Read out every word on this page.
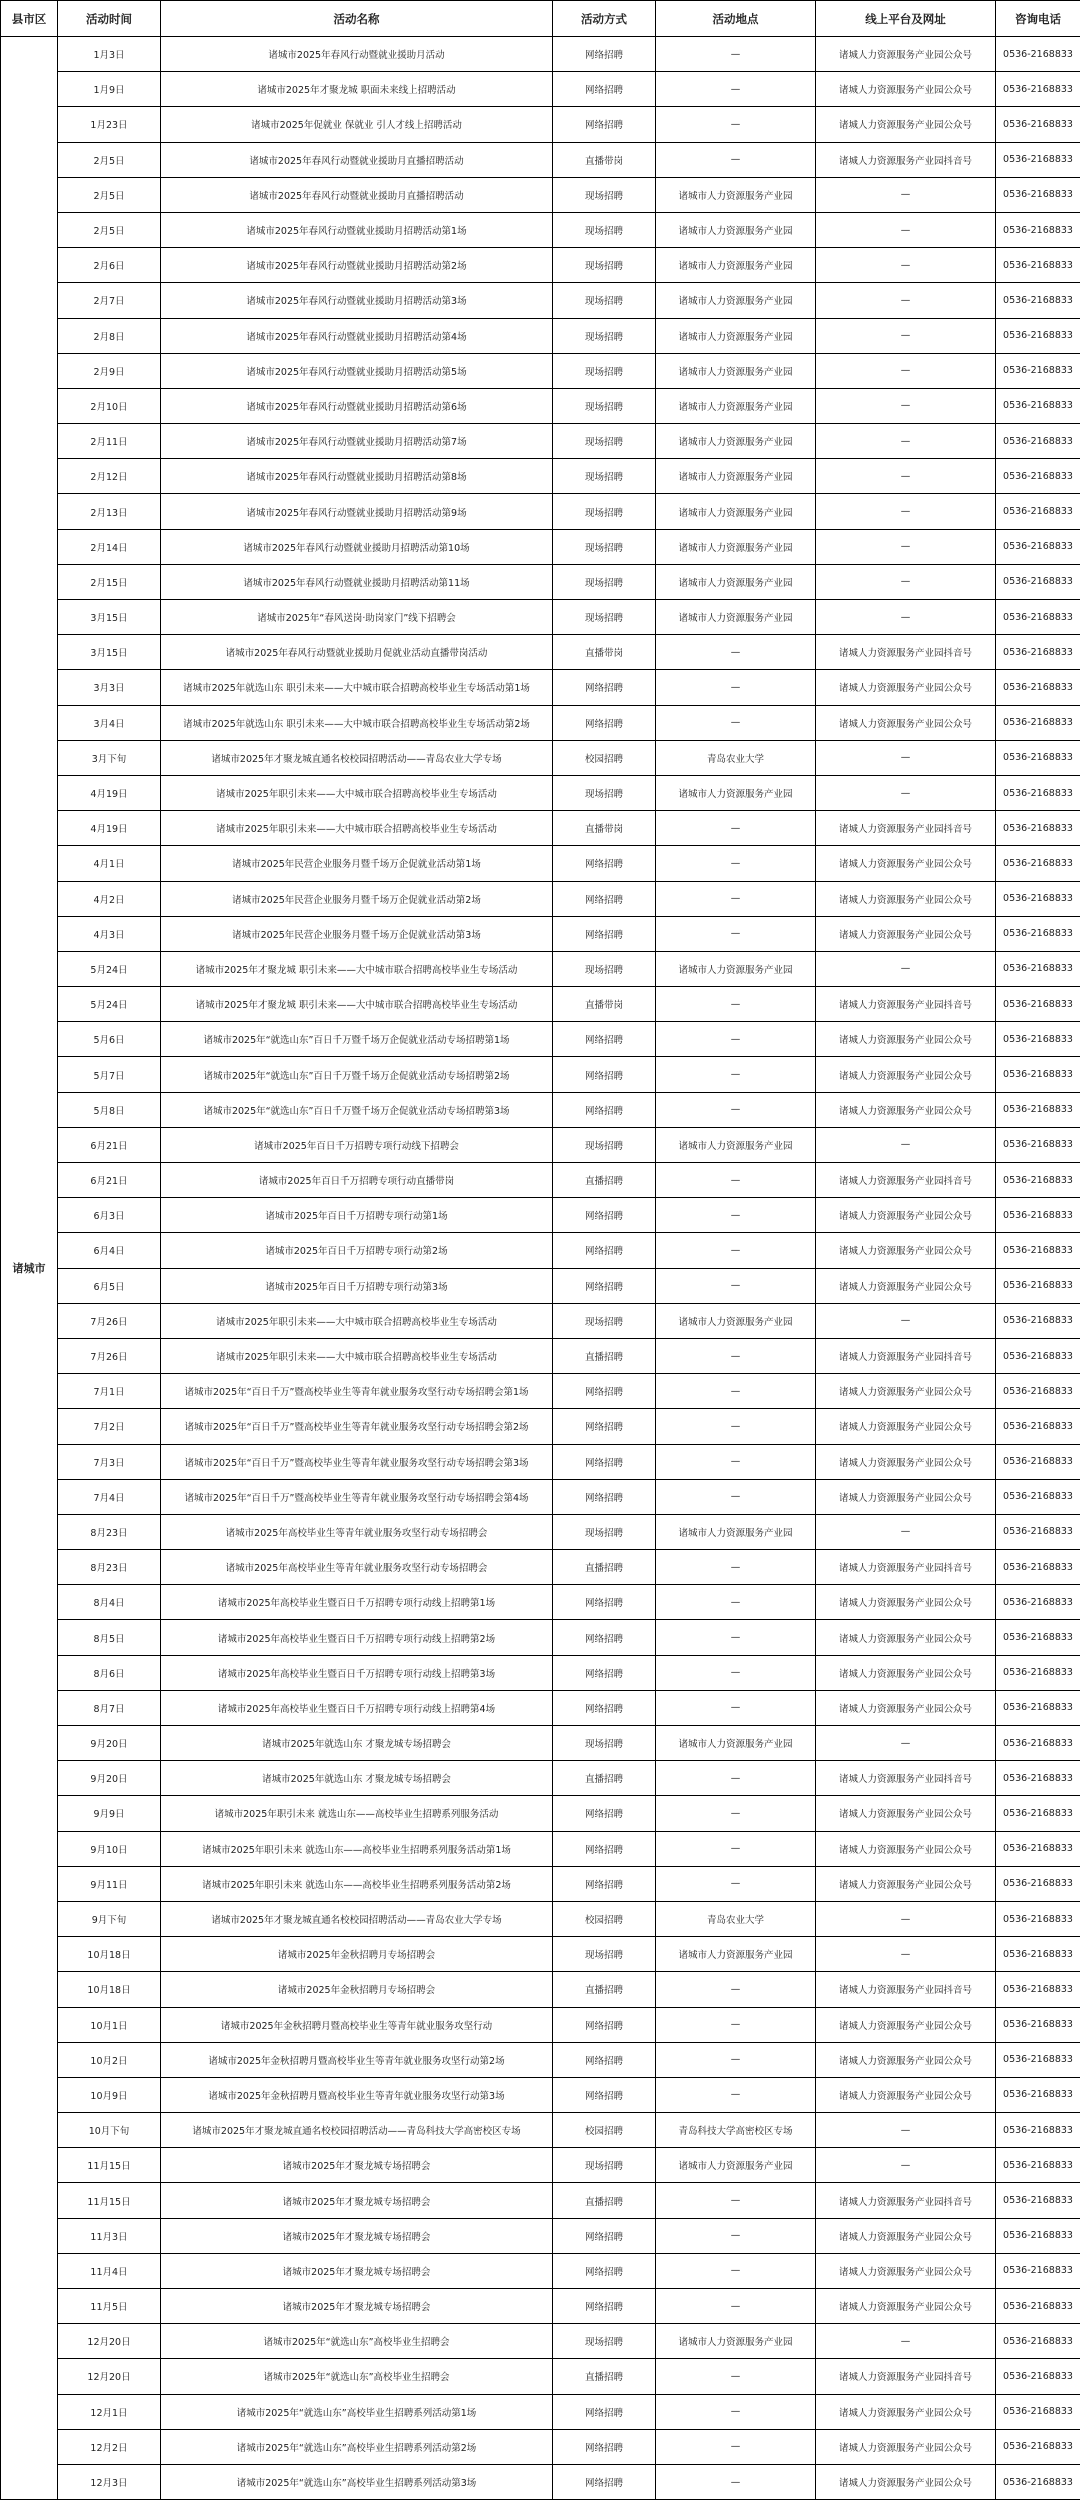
县市区	活动时间	活动名称	活动方式	活动地点	线上平台及网址	咨询电话
诸城市	1月3日	诸城市2025年春风行动暨就业援助月活动	网络招聘	—	诸城人力资源服务产业园公众号	0536-2168833
	1月9日	诸城市2025年才聚龙城 职面未来线上招聘活动	网络招聘	—	诸城人力资源服务产业园公众号	0536-2168833
	1月23日	诸城市2025年促就业 保就业 引人才线上招聘活动	网络招聘	—	诸城人力资源服务产业园公众号	0536-2168833
	2月5日	诸城市2025年春风行动暨就业援助月直播招聘活动	直播带岗	—	诸城人力资源服务产业园抖音号	0536-2168833
	2月5日	诸城市2025年春风行动暨就业援助月直播招聘活动	现场招聘	诸城市人力资源服务产业园	—	0536-2168833
	2月5日	诸城市2025年春风行动暨就业援助月招聘活动第1场	现场招聘	诸城市人力资源服务产业园	—	0536-2168833
	2月6日	诸城市2025年春风行动暨就业援助月招聘活动第2场	现场招聘	诸城市人力资源服务产业园	—	0536-2168833
	2月7日	诸城市2025年春风行动暨就业援助月招聘活动第3场	现场招聘	诸城市人力资源服务产业园	—	0536-2168833
	2月8日	诸城市2025年春风行动暨就业援助月招聘活动第4场	现场招聘	诸城市人力资源服务产业园	—	0536-2168833
	2月9日	诸城市2025年春风行动暨就业援助月招聘活动第5场	现场招聘	诸城市人力资源服务产业园	—	0536-2168833
	2月10日	诸城市2025年春风行动暨就业援助月招聘活动第6场	现场招聘	诸城市人力资源服务产业园	—	0536-2168833
	2月11日	诸城市2025年春风行动暨就业援助月招聘活动第7场	现场招聘	诸城市人力资源服务产业园	—	0536-2168833
	2月12日	诸城市2025年春风行动暨就业援助月招聘活动第8场	现场招聘	诸城市人力资源服务产业园	—	0536-2168833
	2月13日	诸城市2025年春风行动暨就业援助月招聘活动第9场	现场招聘	诸城市人力资源服务产业园	—	0536-2168833
	2月14日	诸城市2025年春风行动暨就业援助月招聘活动第10场	现场招聘	诸城市人力资源服务产业园	—	0536-2168833
	2月15日	诸城市2025年春风行动暨就业援助月招聘活动第11场	现场招聘	诸城市人力资源服务产业园	—	0536-2168833
	3月15日	诸城市2025年“春风送岗·助岗家门”线下招聘会	现场招聘	诸城市人力资源服务产业园	—	0536-2168833
	3月15日	诸城市2025年春风行动暨就业援助月促就业活动直播带岗活动	直播带岗	—	诸城人力资源服务产业园抖音号	0536-2168833
	3月3日	诸城市2025年就选山东 职引未来——大中城市联合招聘高校毕业生专场活动第1场	网络招聘	—	诸城人力资源服务产业园公众号	0536-2168833
	3月4日	诸城市2025年就选山东 职引未来——大中城市联合招聘高校毕业生专场活动第2场	网络招聘	—	诸城人力资源服务产业园公众号	0536-2168833
	3月下旬	诸城市2025年才聚龙城直通名校校园招聘活动——青岛农业大学专场	校园招聘	青岛农业大学	—	0536-2168833
	4月19日	诸城市2025年职引未来——大中城市联合招聘高校毕业生专场活动	现场招聘	诸城市人力资源服务产业园	—	0536-2168833
	4月19日	诸城市2025年职引未来——大中城市联合招聘高校毕业生专场活动	直播带岗	—	诸城人力资源服务产业园抖音号	0536-2168833
	4月1日	诸城市2025年民营企业服务月暨千场万企促就业活动第1场	网络招聘	—	诸城人力资源服务产业园公众号	0536-2168833
	4月2日	诸城市2025年民营企业服务月暨千场万企促就业活动第2场	网络招聘	—	诸城人力资源服务产业园公众号	0536-2168833
	4月3日	诸城市2025年民营企业服务月暨千场万企促就业活动第3场	网络招聘	—	诸城人力资源服务产业园公众号	0536-2168833
	5月24日	诸城市2025年才聚龙城 职引未来——大中城市联合招聘高校毕业生专场活动	现场招聘	诸城市人力资源服务产业园	—	0536-2168833
	5月24日	诸城市2025年才聚龙城 职引未来——大中城市联合招聘高校毕业生专场活动	直播带岗	—	诸城人力资源服务产业园抖音号	0536-2168833
	5月6日	诸城市2025年“就选山东”百日千万暨千场万企促就业活动专场招聘第1场	网络招聘	—	诸城人力资源服务产业园公众号	0536-2168833
	5月7日	诸城市2025年“就选山东”百日千万暨千场万企促就业活动专场招聘第2场	网络招聘	—	诸城人力资源服务产业园公众号	0536-2168833
	5月8日	诸城市2025年“就选山东”百日千万暨千场万企促就业活动专场招聘第3场	网络招聘	—	诸城人力资源服务产业园公众号	0536-2168833
	6月21日	诸城市2025年百日千万招聘专项行动线下招聘会	现场招聘	诸城市人力资源服务产业园	—	0536-2168833
	6月21日	诸城市2025年百日千万招聘专项行动直播带岗	直播招聘	—	诸城人力资源服务产业园抖音号	0536-2168833
	6月3日	诸城市2025年百日千万招聘专项行动第1场	网络招聘	—	诸城人力资源服务产业园公众号	0536-2168833
	6月4日	诸城市2025年百日千万招聘专项行动第2场	网络招聘	—	诸城人力资源服务产业园公众号	0536-2168833
	6月5日	诸城市2025年百日千万招聘专项行动第3场	网络招聘	—	诸城人力资源服务产业园公众号	0536-2168833
	7月26日	诸城市2025年职引未来——大中城市联合招聘高校毕业生专场活动	现场招聘	诸城市人力资源服务产业园	—	0536-2168833
	7月26日	诸城市2025年职引未来——大中城市联合招聘高校毕业生专场活动	直播招聘	—	诸城人力资源服务产业园抖音号	0536-2168833
	7月1日	诸城市2025年“百日千万”暨高校毕业生等青年就业服务攻坚行动专场招聘会第1场	网络招聘	—	诸城人力资源服务产业园公众号	0536-2168833
	7月2日	诸城市2025年“百日千万”暨高校毕业生等青年就业服务攻坚行动专场招聘会第2场	网络招聘	—	诸城人力资源服务产业园公众号	0536-2168833
	7月3日	诸城市2025年“百日千万”暨高校毕业生等青年就业服务攻坚行动专场招聘会第3场	网络招聘	—	诸城人力资源服务产业园公众号	0536-2168833
	7月4日	诸城市2025年“百日千万”暨高校毕业生等青年就业服务攻坚行动专场招聘会第4场	网络招聘	—	诸城人力资源服务产业园公众号	0536-2168833
	8月23日	诸城市2025年高校毕业生等青年就业服务攻坚行动专场招聘会	现场招聘	诸城市人力资源服务产业园	—	0536-2168833
	8月23日	诸城市2025年高校毕业生等青年就业服务攻坚行动专场招聘会	直播招聘	—	诸城人力资源服务产业园抖音号	0536-2168833
	8月4日	诸城市2025年高校毕业生暨百日千万招聘专项行动线上招聘第1场	网络招聘	—	诸城人力资源服务产业园公众号	0536-2168833
	8月5日	诸城市2025年高校毕业生暨百日千万招聘专项行动线上招聘第2场	网络招聘	—	诸城人力资源服务产业园公众号	0536-2168833
	8月6日	诸城市2025年高校毕业生暨百日千万招聘专项行动线上招聘第3场	网络招聘	—	诸城人力资源服务产业园公众号	0536-2168833
	8月7日	诸城市2025年高校毕业生暨百日千万招聘专项行动线上招聘第4场	网络招聘	—	诸城人力资源服务产业园公众号	0536-2168833
	9月20日	诸城市2025年就选山东 才聚龙城专场招聘会	现场招聘	诸城市人力资源服务产业园	—	0536-2168833
	9月20日	诸城市2025年就选山东 才聚龙城专场招聘会	直播招聘	—	诸城人力资源服务产业园抖音号	0536-2168833
	9月9日	诸城市2025年职引未来 就选山东——高校毕业生招聘系列服务活动	网络招聘	—	诸城人力资源服务产业园公众号	0536-2168833
	9月10日	诸城市2025年职引未来 就选山东——高校毕业生招聘系列服务活动第1场	网络招聘	—	诸城人力资源服务产业园公众号	0536-2168833
	9月11日	诸城市2025年职引未来 就选山东——高校毕业生招聘系列服务活动第2场	网络招聘	—	诸城人力资源服务产业园公众号	0536-2168833
	9月下旬	诸城市2025年才聚龙城直通名校校园招聘活动——青岛农业大学专场	校园招聘	青岛农业大学	—	0536-2168833
	10月18日	诸城市2025年金秋招聘月专场招聘会	现场招聘	诸城市人力资源服务产业园	—	0536-2168833
	10月18日	诸城市2025年金秋招聘月专场招聘会	直播招聘	—	诸城人力资源服务产业园抖音号	0536-2168833
	10月1日	诸城市2025年金秋招聘月暨高校毕业生等青年就业服务攻坚行动	网络招聘	—	诸城人力资源服务产业园公众号	0536-2168833
	10月2日	诸城市2025年金秋招聘月暨高校毕业生等青年就业服务攻坚行动第2场	网络招聘	—	诸城人力资源服务产业园公众号	0536-2168833
	10月9日	诸城市2025年金秋招聘月暨高校毕业生等青年就业服务攻坚行动第3场	网络招聘	—	诸城人力资源服务产业园公众号	0536-2168833
	10月下旬	诸城市2025年才聚龙城直通名校校园招聘活动——青岛科技大学高密校区专场	校园招聘	青岛科技大学高密校区专场	—	0536-2168833
	11月15日	诸城市2025年才聚龙城专场招聘会	现场招聘	诸城市人力资源服务产业园	—	0536-2168833
	11月15日	诸城市2025年才聚龙城专场招聘会	直播招聘	—	诸城人力资源服务产业园抖音号	0536-2168833
	11月3日	诸城市2025年才聚龙城专场招聘会	网络招聘	—	诸城人力资源服务产业园公众号	0536-2168833
	11月4日	诸城市2025年才聚龙城专场招聘会	网络招聘	—	诸城人力资源服务产业园公众号	0536-2168833
	11月5日	诸城市2025年才聚龙城专场招聘会	网络招聘	—	诸城人力资源服务产业园公众号	0536-2168833
	12月20日	诸城市2025年“就选山东”高校毕业生招聘会	现场招聘	诸城市人力资源服务产业园	—	0536-2168833
	12月20日	诸城市2025年“就选山东”高校毕业生招聘会	直播招聘	—	诸城人力资源服务产业园抖音号	0536-2168833
	12月1日	诸城市2025年“就选山东”高校毕业生招聘系列活动第1场	网络招聘	—	诸城人力资源服务产业园公众号	0536-2168833
	12月2日	诸城市2025年“就选山东”高校毕业生招聘系列活动第2场	网络招聘	—	诸城人力资源服务产业园公众号	0536-2168833
	12月3日	诸城市2025年“就选山东”高校毕业生招聘系列活动第3场	网络招聘	—	诸城人力资源服务产业园公众号	0536-2168833
